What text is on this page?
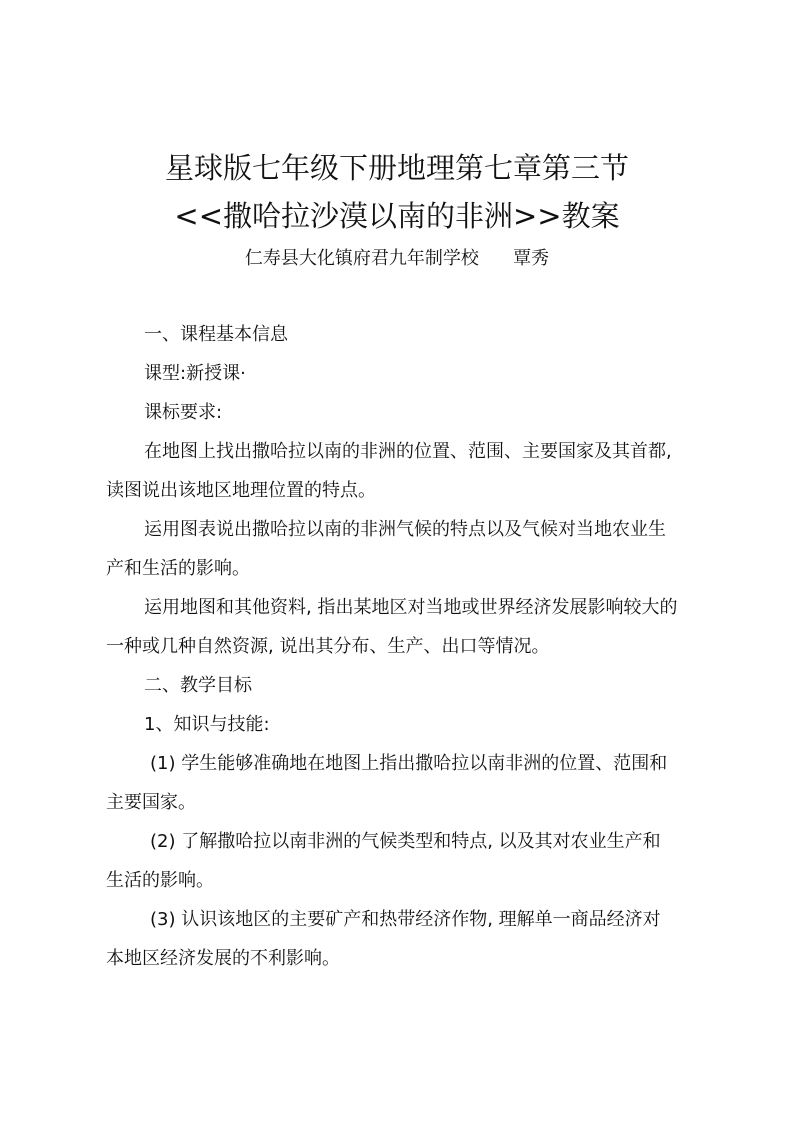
星球版七年级下册地理第七章第三节
<<撒哈拉沙漠以南的非洲>>教案
仁寿县大化镇府君九年制学校      覃秀
一、课程基本信息
课型:新授课·
课标要求:
在地图上找出撒哈拉以南的非洲的位置、范围、主要国家及其首都,
读图说出该地区地理位置的特点。
运用图表说出撒哈拉以南的非洲气候的特点以及气候对当地农业生
产和生活的影响。
运用地图和其他资料, 指出某地区对当地或世界经济发展影响较大的
一种或几种自然资源, 说出其分布、生产、出口等情况。
二、教学目标
1、知识与技能:
(1) 学生能够准确地在地图上指出撒哈拉以南非洲的位置、范围和
主要国家。
(2) 了解撒哈拉以南非洲的气候类型和特点, 以及其对农业生产和
生活的影响。
(3) 认识该地区的主要矿产和热带经济作物, 理解单一商品经济对
本地区经济发展的不利影响。
